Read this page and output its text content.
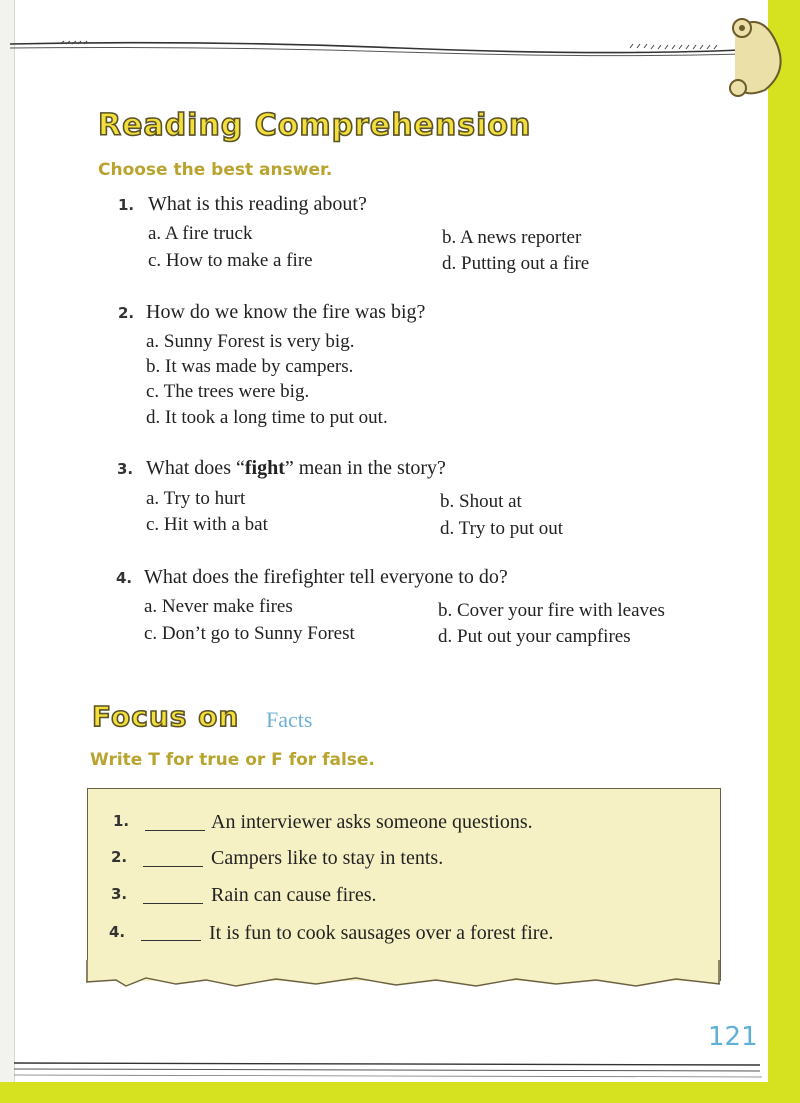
Reading Comprehension
Choose the best answer.
1. What is this reading about?
a. A fire truck	b. A news reporter
c. How to make a fire	d. Putting out a fire
2. How do we know the fire was big?
a. Sunny Forest is very big.
b. It was made by campers.
c. The trees were big.
d. It took a long time to put out.
3. What does “fight” mean in the story?
a. Try to hurt	b. Shout at
c. Hit with a bat	d. Try to put out
4. What does the firefighter tell everyone to do?
a. Never make fires	b. Cover your fire with leaves
c. Don’t go to Sunny Forest	d. Put out your campfires
Focus on Facts
Write T for true or F for false.
1.	An interviewer asks someone questions.
2.	Campers like to stay in tents.
3.	Rain can cause fires.
4.	It is fun to cook sausages over a forest fire.
121
